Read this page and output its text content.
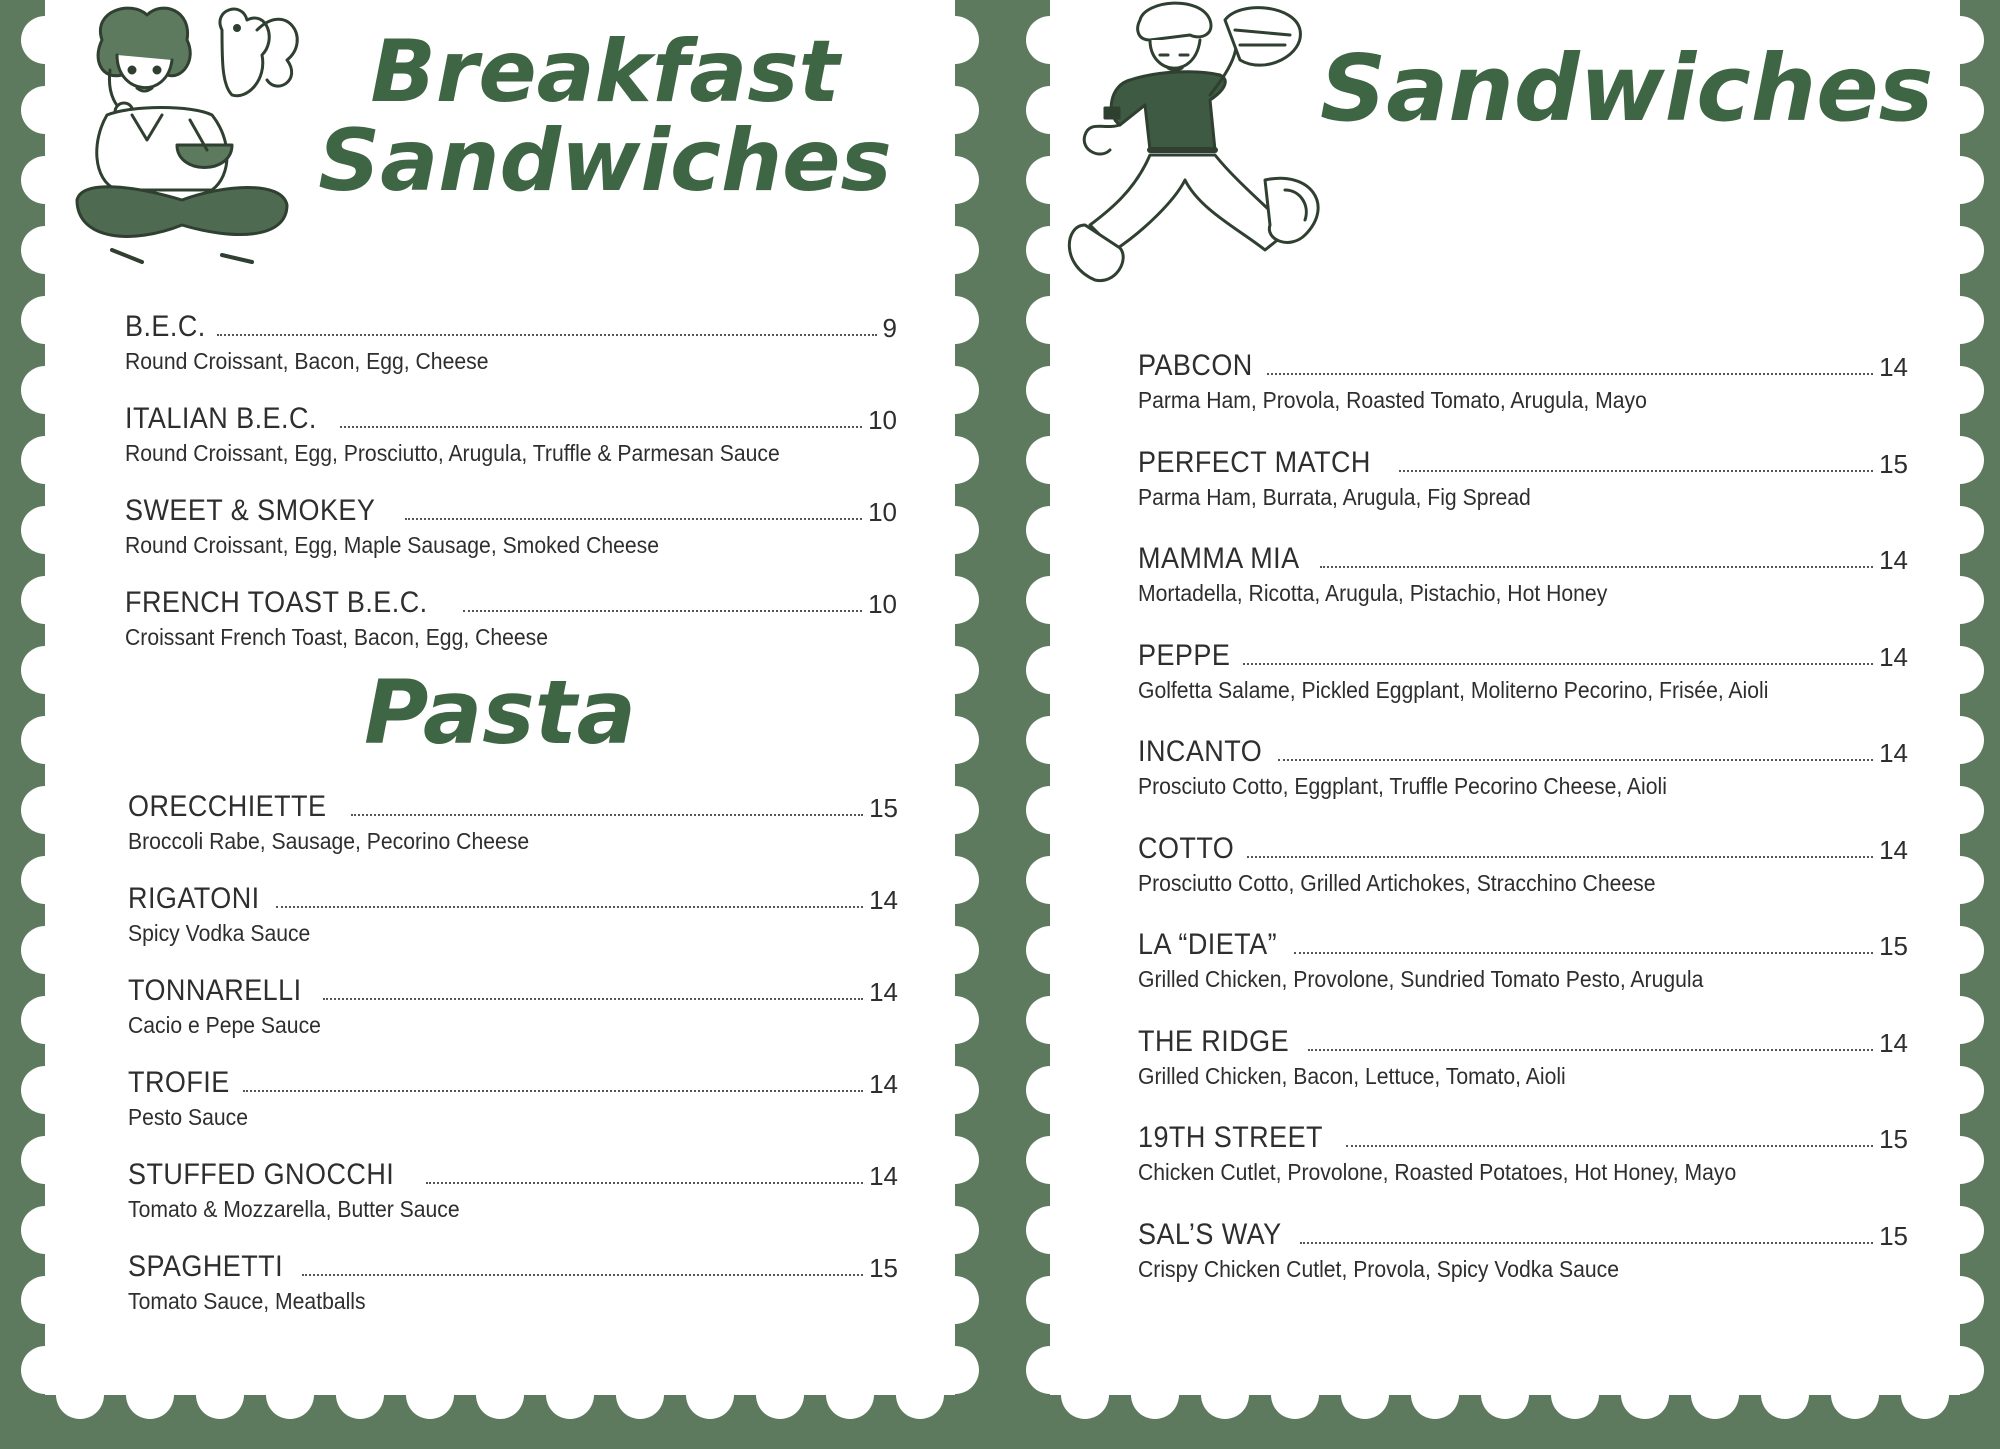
Breakfast
Sandwiches
B.E.C.	9
Round Croissant, Bacon, Egg, Cheese
ITALIAN B.E.C.	10
Round Croissant, Egg, Prosciutto, Arugula, Truffle & Parmesan Sauce
SWEET & SMOKEY	10
Round Croissant, Egg, Maple Sausage, Smoked Cheese
FRENCH TOAST B.E.C.	10
Croissant French Toast, Bacon, Egg, Cheese
Pasta
ORECCHIETTE	15
Broccoli Rabe, Sausage, Pecorino Cheese
RIGATONI	14
Spicy Vodka Sauce
TONNARELLI	14
Cacio e Pepe Sauce
TROFIE	14
Pesto Sauce
STUFFED GNOCCHI	14
Tomato & Mozzarella, Butter Sauce
SPAGHETTI	15
Tomato Sauce, Meatballs
Sandwiches
PABCON	14
Parma Ham, Provola, Roasted Tomato, Arugula, Mayo
PERFECT MATCH	15
Parma Ham, Burrata, Arugula, Fig Spread
MAMMA MIA	14
Mortadella, Ricotta, Arugula, Pistachio, Hot Honey
PEPPE	14
Golfetta Salame, Pickled Eggplant, Moliterno Pecorino, Frisée, Aioli
INCANTO	14
Prosciuto Cotto, Eggplant, Truffle Pecorino Cheese, Aioli
COTTO	14
Prosciutto Cotto, Grilled Artichokes, Stracchino Cheese
LA “DIETA”	15
Grilled Chicken, Provolone, Sundried Tomato Pesto, Arugula
THE RIDGE	14
Grilled Chicken, Bacon, Lettuce, Tomato, Aioli
19TH STREET	15
Chicken Cutlet, Provolone, Roasted Potatoes, Hot Honey, Mayo
SAL’S WAY	15
Crispy Chicken Cutlet, Provola, Spicy Vodka Sauce
